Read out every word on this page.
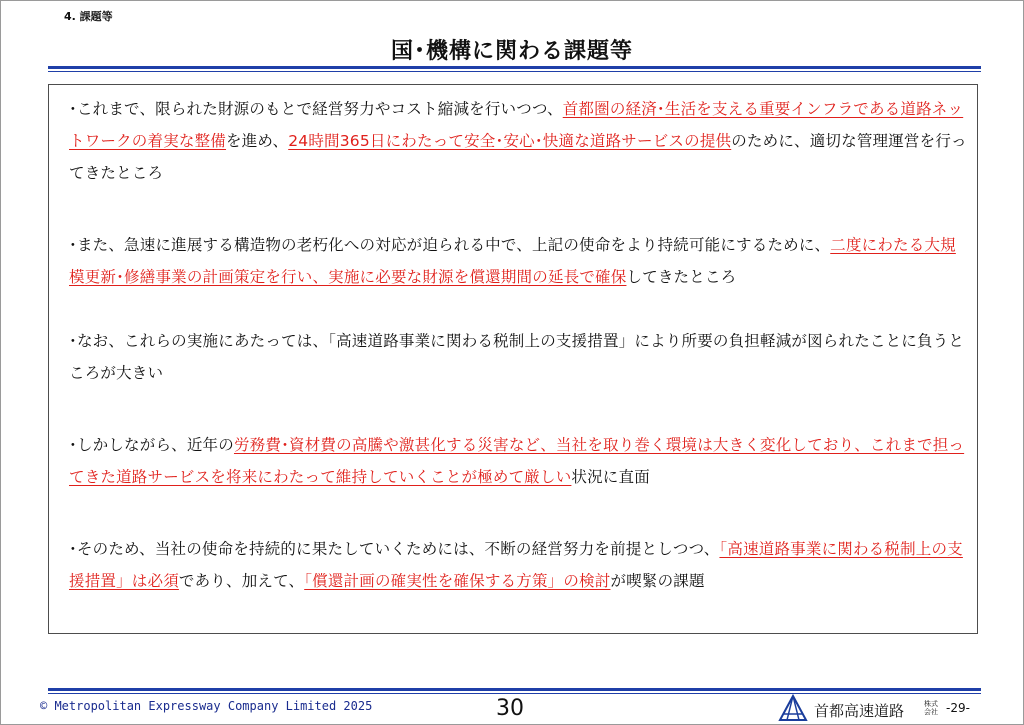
4. 課題等
国･機構に関わる課題等

･これまで、限られた財源のもとで経営努力やコスト縮減を行いつつ、首都圏の経済･生活を支える重要インフラである道路ネットワークの着実な整備を進め、24時間365日にわたって安全･安心･快適な道路サービスの提供のために、適切な管理運営を行ってきたところ

･また、急速に進展する構造物の老朽化への対応が迫られる中で、上記の使命をより持続可能にするために、二度にわたる大規模更新･修繕事業の計画策定を行い、実施に必要な財源を償還期間の延長で確保してきたところ

･なお、これらの実施にあたっては、「高速道路事業に関わる税制上の支援措置」により所要の負担軽減が図られたことに負うところが大きい

･しかしながら、近年の労務費･資材費の高騰や激甚化する災害など、当社を取り巻く環境は大きく変化しており、これまで担ってきた道路サービスを将来にわたって維持していくことが極めて厳しい状況に直面

･そのため、当社の使命を持続的に果たしていくためには、不断の経営努力を前提としつつ、「高速道路事業に関わる税制上の支援措置」は必須であり、加えて、「償還計画の確実性を確保する方策」の検討が喫緊の課題

© Metropolitan Expressway Company Limited 2025	30	首都高速道路	株式会社 -29-
